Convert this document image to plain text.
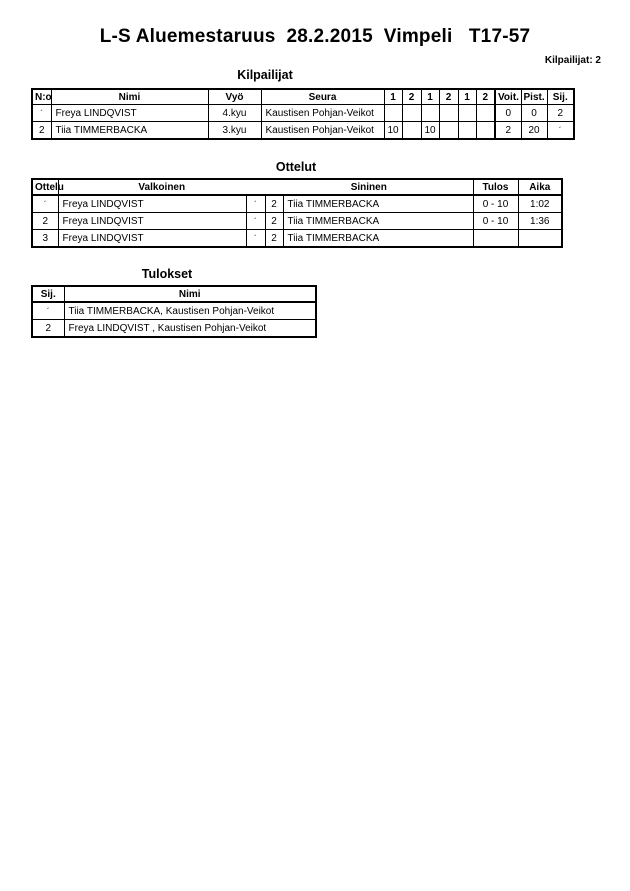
L-S Aluemestaruus  28.2.2015  Vimpeli   T17-57
Kilpailijat: 2
Kilpailijat
N:o	Nimi	Vyö	Seura	1	2	1	2	1	2	Voit.	Pist.	Sij.
´	Freya LINDQVIST	4.kyu	Kaustisen Pohjan-Veikot							0	0	2
2	Tiia TIMMERBACKA	3.kyu	Kaustisen Pohjan-Veikot	10		10				2	20	´
Ottelut
Ottelu	Valkoinen		Sininen		Tulos	Aika
´	Freya LINDQVIST	´	2	Tiia TIMMERBACKA	0 - 10	1:02
2	Freya LINDQVIST	´	2	Tiia TIMMERBACKA	0 - 10	1:36
3	Freya LINDQVIST	´	2	Tiia TIMMERBACKA		
Tulokset
Sij.	Nimi
´	Tiia TIMMERBACKA, Kaustisen Pohjan-Veikot
2	Freya LINDQVIST , Kaustisen Pohjan-Veikot
